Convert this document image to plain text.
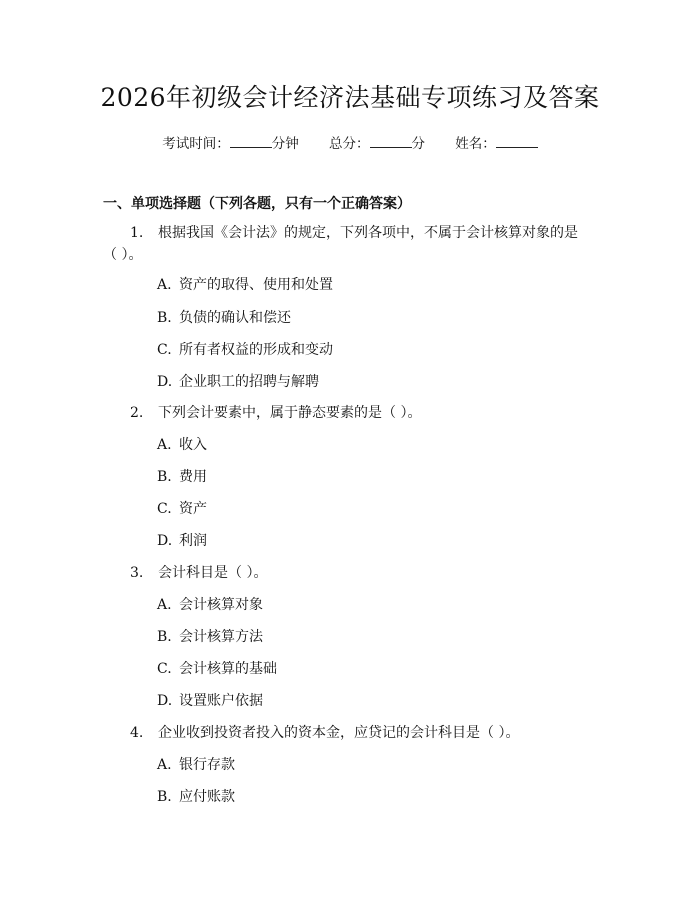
2026年初级会计经济法基础专项练习及答案
考试时间：	分钟 总分：	分 姓名：
一、单项选择题（下列各题，只有一个正确答案）
1. 根据我国《会计法》的规定，下列各项中，不属于会计核算对象的是
（ ）。
A. 资产的取得、使用和处置
B. 负债的确认和偿还
C. 所有者权益的形成和变动
D. 企业职工的招聘与解聘
2. 下列会计要素中，属于静态要素的是（ ）。
A. 收入
B. 费用
C. 资产
D. 利润
3. 会计科目是（ ）。
A. 会计核算对象
B. 会计核算方法
C. 会计核算的基础
D. 设置账户依据
4. 企业收到投资者投入的资本金，应贷记的会计科目是（ ）。
A. 银行存款
B. 应付账款
